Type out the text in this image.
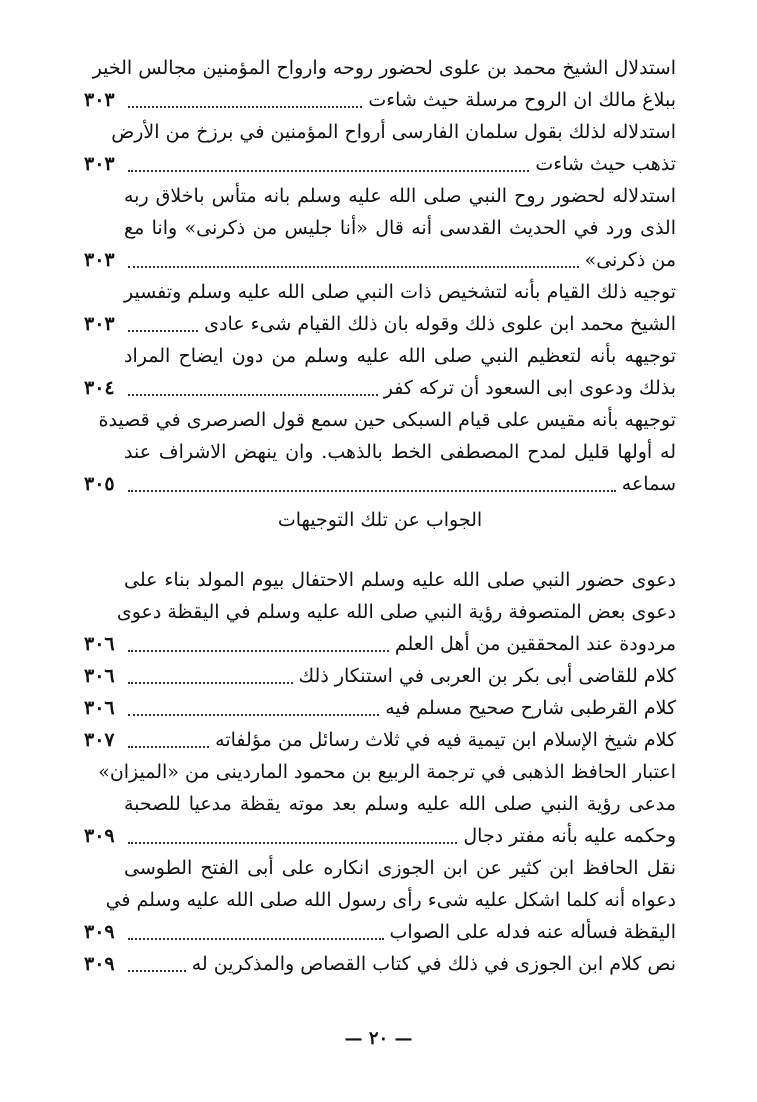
استدلال الشيخ محمد بن علوى لحضور روحه وارواح المؤمنين مجالس الخير
ببلاغ مالك ان الروح مرسلة حيث شاءت
٣٠٣
استدلاله لذلك بقول سلمان الفارسى أرواح المؤمنين في برزخ من الأرض
تذهب حيث شاءت
٣٠٣
استدلاله لحضور روح النبي صلى الله عليه وسلم بانه متأس باخلاق ربه
الذى ورد في الحديث القدسى أنه قال «أنا جليس من ذكرنى» وانا مع
من ذكرنى»
٣٠٣
توجيه ذلك القيام بأنه لتشخيص ذات النبي صلى الله عليه وسلم وتفسير
الشيخ محمد ابن علوى ذلك وقوله بان ذلك القيام شىء عادى
٣٠٣
توجيهه بأنه لتعظيم النبي صلى الله عليه وسلم من دون ايضاح المراد
بذلك ودعوى ابى السعود أن تركه كفر
٣٠٤
توجيهه بأنه مقيس على قيام السبكى حين سمع قول الصرصرى في قصيدة
له أولها قليل لمدح المصطفى الخط بالذهب. وان ينهض الاشراف عند
سماعه
٣٠٥
الجواب عن تلك التوجيهات
دعوى حضور النبي صلى الله عليه وسلم الاحتفال بيوم المولد بناء على
دعوى بعض المتصوفة رؤية النبي صلى الله عليه وسلم في اليقظة دعوى
مردودة عند المحققين من أهل العلم
٣٠٦
كلام للقاضى أبى بكر بن العربى في استنكار ذلك
٣٠٦
كلام القرطبى شارح صحيح مسلم فيه
٣٠٦
كلام شيخ الإسلام ابن تيمية فيه في ثلاث رسائل من مؤلفاته
٣٠٧
اعتبار الحافظ الذهبى في ترجمة الربيع بن محمود الماردينى من «الميزان»
مدعى رؤية النبي صلى الله عليه وسلم بعد موته يقظة مدعيا للصحبة
وحكمه عليه بأنه مفتر دجال
٣٠٩
نقل الحافظ ابن كثير عن ابن الجوزى انكاره على أبى الفتح الطوسى
دعواه أنه كلما اشكل عليه شىء رأى رسول الله صلى الله عليه وسلم في
اليقظة فسأله عنه فدله على الصواب
٣٠٩
نص كلام ابن الجوزى في ذلك في كتاب القصاص والمذكرين له
٣٠٩
— ٢٠ —
